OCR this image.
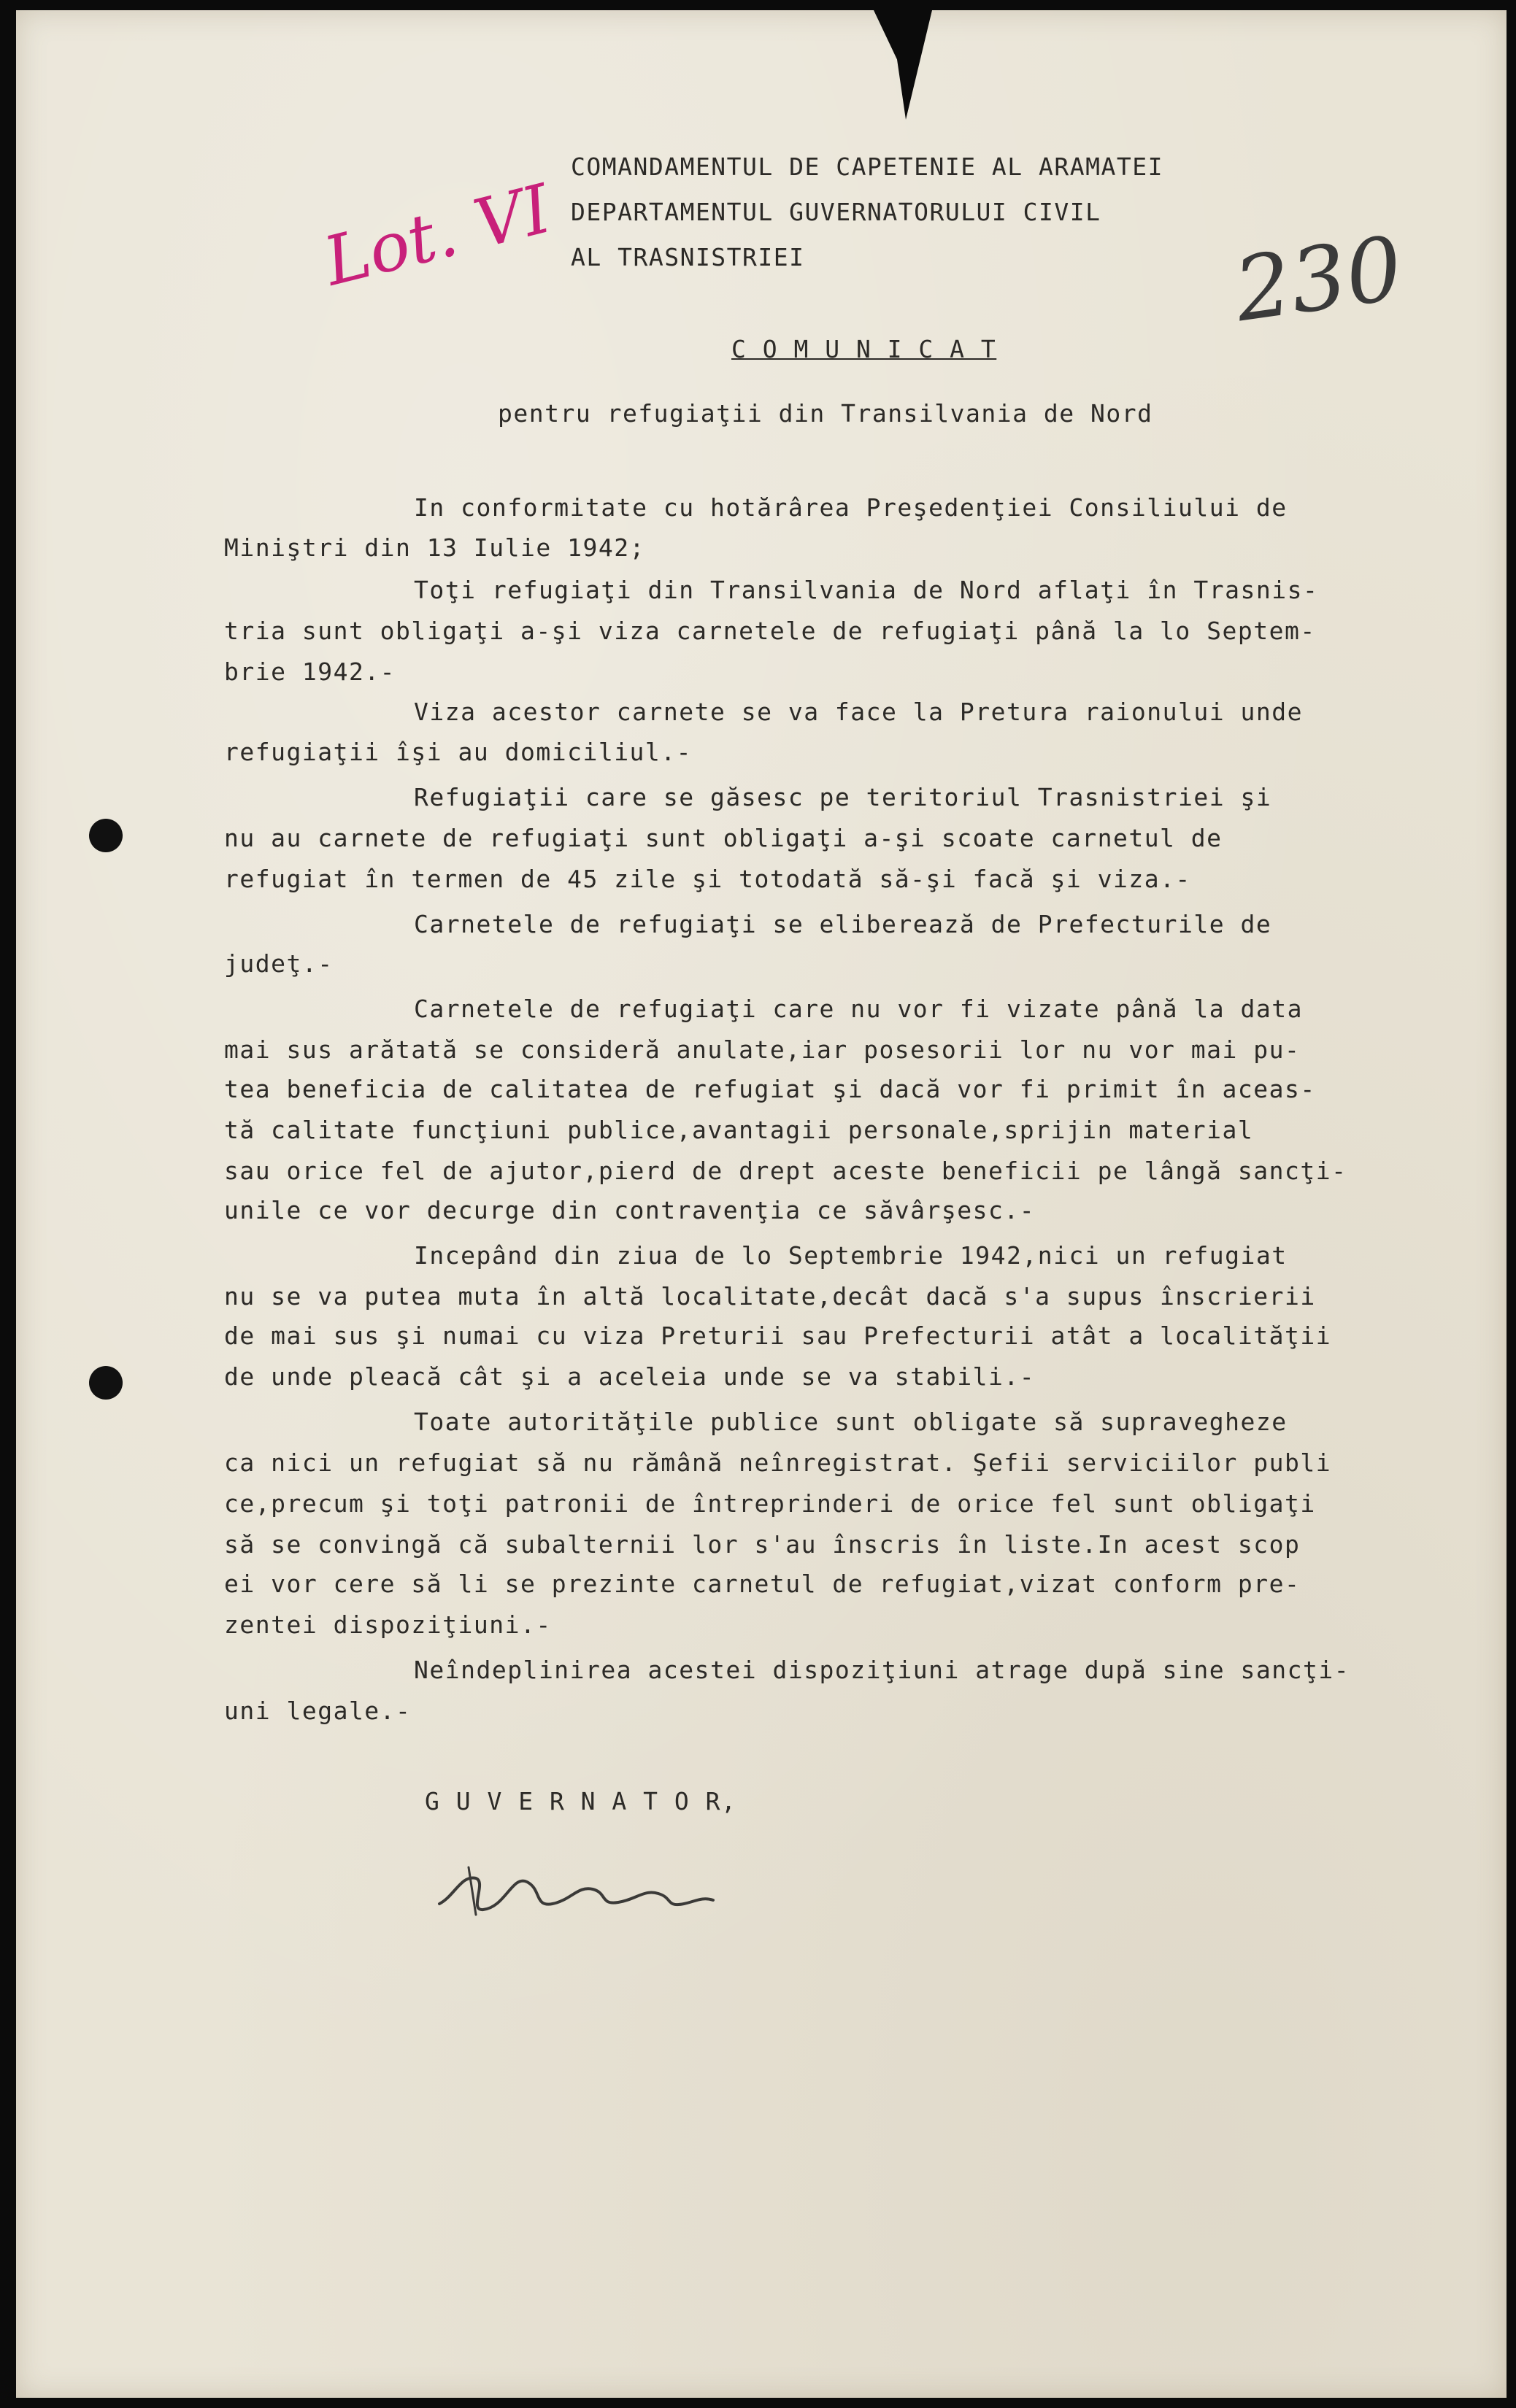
Lot. VI	230

COMANDAMENTUL DE CAPETENIE AL ARAMATEI

DEPARTAMENTUL GUVERNATORULUI CIVIL

AL TRASNISTRIEI

C O M U N I C A T

pentru refugiaţii din Transilvania de Nord

In conformitate cu hotărârea Preşedenţiei Consiliului de

Miniştri din 13 Iulie 1942;

Toţi refugiaţi din Transilvania de Nord aflaţi în Trasnis-

tria sunt obligaţi a-şi viza carnetele de refugiaţi până la lo Septem-

brie 1942.-

Viza acestor carnete se va face la Pretura raionului unde

refugiaţii îşi au domiciliul.-

Refugiaţii care se găsesc pe teritoriul Trasnistriei şi

nu au carnete de refugiaţi sunt obligaţi a-şi scoate carnetul de

refugiat în termen de 45 zile şi totodată să-şi facă şi viza.-

Carnetele de refugiaţi se eliberează de Prefecturile de

judeţ.-

Carnetele de refugiaţi care nu vor fi vizate până la data

mai sus arătată se consideră anulate,iar posesorii lor nu vor mai pu-

tea beneficia de calitatea de refugiat şi dacă vor fi primit în aceas-

tă calitate funcţiuni publice,avantagii personale,sprijin material

sau orice fel de ajutor,pierd de drept aceste beneficii pe lângă sancţi-

unile ce vor decurge din contravenţia ce săvârşesc.-

Incepând din ziua de lo Septembrie 1942,nici un refugiat

nu se va putea muta în altă localitate,decât dacă s'a supus înscrierii

de mai sus şi numai cu viza Preturii sau Prefecturii atât a localităţii

de unde pleacă cât şi a aceleia unde se va stabili.-

Toate autorităţile publice sunt obligate să supravegheze

ca nici un refugiat să nu rămână neînregistrat. Şefii serviciilor publi

ce,precum şi toţi patronii de întreprinderi de orice fel sunt obligaţi

să se convingă că subalternii lor s'au înscris în liste.In acest scop

ei vor cere să li se prezinte carnetul de refugiat,vizat conform pre-

zentei dispoziţiuni.-

Neîndeplinirea acestei dispoziţiuni atrage după sine sancţi-

uni legale.-

G U V E R N A T O R,
